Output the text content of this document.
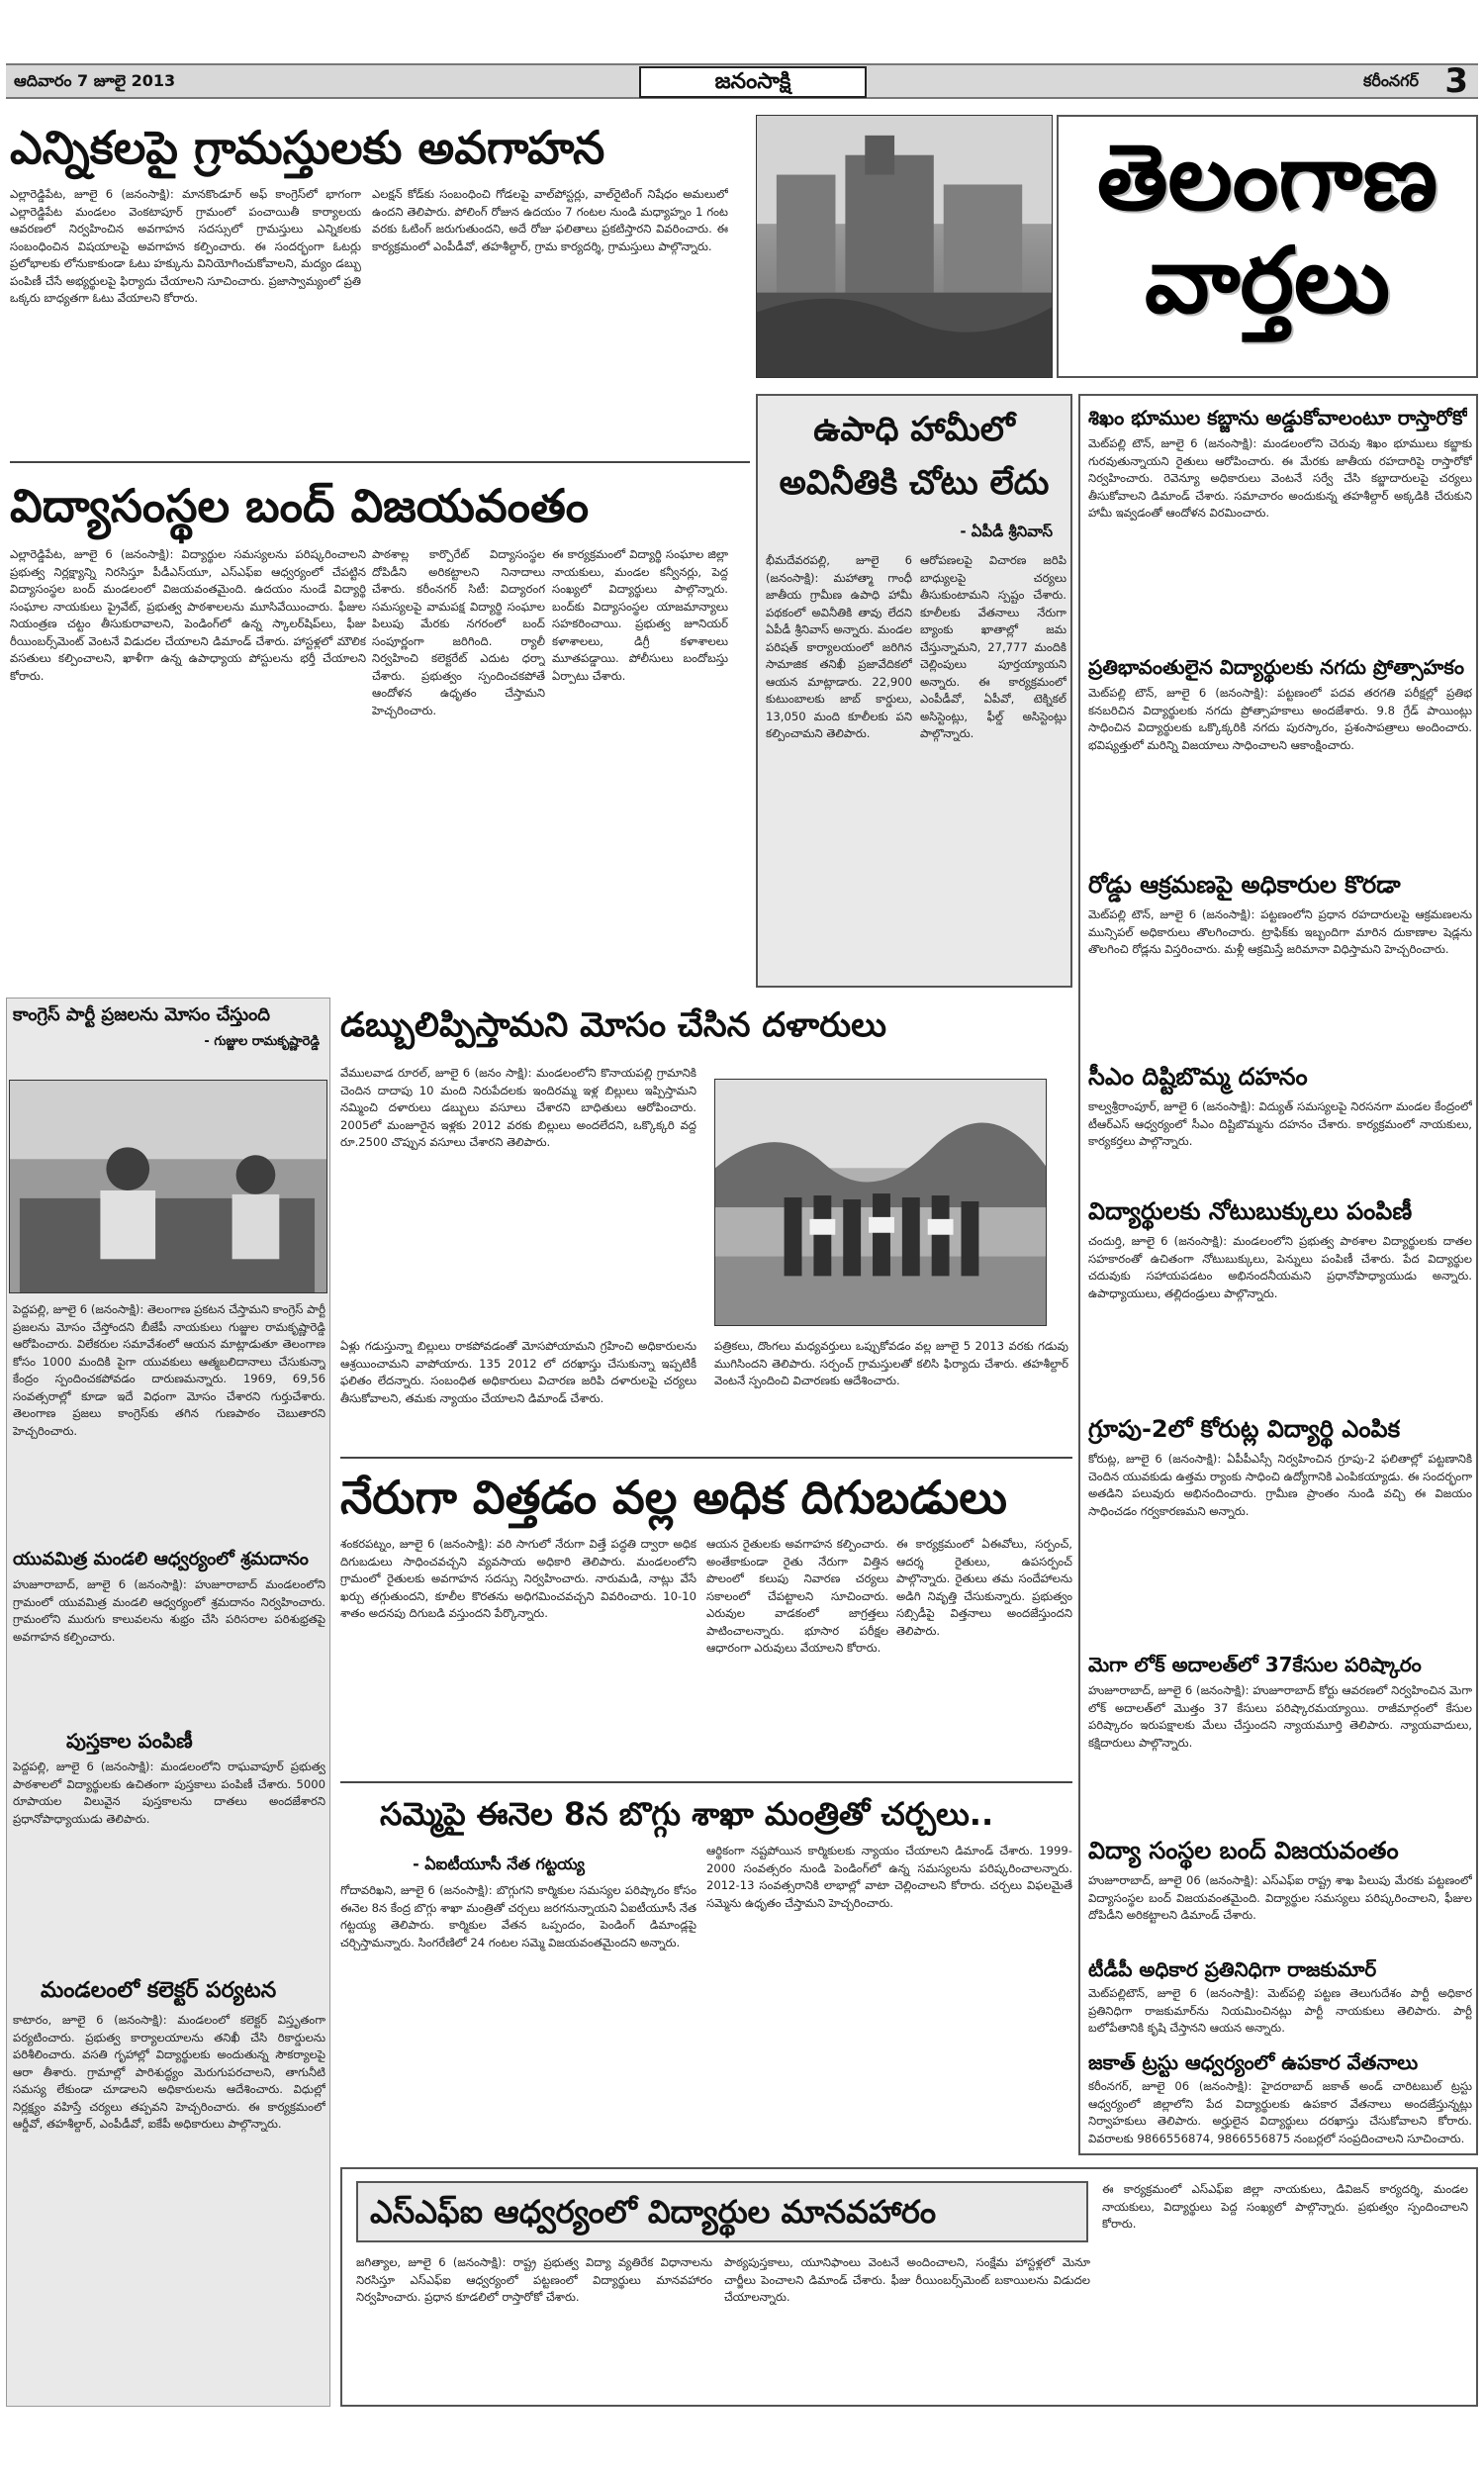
ఆదివారం 7 జూలై 2013	జనంసాక్షి	కరీంనగర్ 3
ఎన్నికలపై గ్రామస్తులకు అవగాహన
ఎల్లారెడ్డిపేట, జూలై 6 (జనంసాక్షి): మానకొండూర్ అఫ్ కాంగ్రెస్‌లో భాగంగా ఎల్లారెడ్డిపేట మండలం వెంకటాపూర్ గ్రామంలో పంచాయితీ కార్యాలయ ఆవరణలో నిర్వహించిన అవగాహన సదస్సులో గ్రామస్తులు ఎన్నికలకు సంబంధించిన విషయాలపై అవగాహన కల్పించారు. ఈ సందర్భంగా ఓటర్లు ప్రలోభాలకు లోనుకాకుండా ఓటు హక్కును వినియోగించుకోవాలని, మద్యం డబ్బు పంపిణీ చేసే అభ్యర్థులపై ఫిర్యాదు చేయాలని సూచించారు. ప్రజాస్వామ్యంలో ప్రతి ఒక్కరు బాధ్యతగా ఓటు వేయాలని కోరారు.
ఎలక్షన్ కోడ్‌కు సంబంధించి గోడలపై వాల్‌పోస్టర్లు, వాల్‌రైటింగ్‌ నిషేధం అమలులో ఉందని తెలిపారు. పోలింగ్ రోజున ఉదయం 7 గంటల నుండి మధ్యాహ్నం 1 గంట వరకు ఓటింగ్ జరుగుతుందని, అదే రోజు ఫలితాలు ప్రకటిస్తారని వివరించారు. ఈ కార్యక్రమంలో ఎంపీడీవో, తహశీల్దార్, గ్రామ కార్యదర్శి, గ్రామస్తులు పాల్గొన్నారు.
తెలంగాణ
వార్తలు
విద్యాసంస్థల బంద్ విజయవంతం
ఎల్లారెడ్డిపేట, జూలై 6 (జనంసాక్షి): విద్యార్థుల సమస్యలను పరిష్కరించాలని ప్రభుత్వ నిర్లక్ష్యాన్ని నిరసిస్తూ పీడీఎస్‌యూ, ఎస్‌ఎఫ్‌ఐ ఆధ్వర్యంలో చేపట్టిన విద్యాసంస్థల బంద్ మండలంలో విజయవంతమైంది. ఉదయం నుండే విద్యార్థి సంఘాల నాయకులు ప్రైవేట్, ప్రభుత్వ పాఠశాలలను మూసివేయించారు. ఫీజుల నియంత్రణ చట్టం తీసుకురావాలని, పెండింగ్‌లో ఉన్న స్కాలర్‌షిప్‌లు, ఫీజు రీయింబర్స్‌మెంట్ వెంటనే విడుదల చేయాలని డిమాండ్ చేశారు. హాస్టళ్లలో మౌలిక వసతులు కల్పించాలని, ఖాళీగా ఉన్న ఉపాధ్యాయ పోస్టులను భర్తీ చేయాలని కోరారు.
పాఠశాల్ల కార్పొరేట్ విద్యాసంస్థల దోపిడీని అరికట్టాలని నినాదాలు చేశారు. కరీంనగర్ సిటీ: విద్యారంగ సమస్యలపై వామపక్ష విద్యార్థి సంఘాల పిలుపు మేరకు నగరంలో బంద్ సంపూర్ణంగా జరిగింది. ర్యాలీ నిర్వహించి కలెక్టరేట్ ఎదుట ధర్నా చేశారు. ప్రభుత్వం స్పందించకపోతే ఆందోళన ఉధృతం చేస్తామని హెచ్చరించారు.
ఈ కార్యక్రమంలో విద్యార్థి సంఘాల జిల్లా నాయకులు, మండల కన్వీనర్లు, పెద్ద సంఖ్యలో విద్యార్థులు పాల్గొన్నారు. బంద్‌కు విద్యాసంస్థల యాజమాన్యాలు సహకరించాయి. ప్రభుత్వ జూనియర్ కళాశాలలు, డిగ్రీ కళాశాలలు మూతపడ్డాయి. పోలీసులు బందోబస్తు ఏర్పాటు చేశారు.
ఉపాధి హామీలో
అవినీతికి చోటు లేదు
- ఏపీడీ శ్రీనివాస్
భీమదేవరపల్లి, జూలై 6 (జనంసాక్షి): మహాత్మా గాంధీ జాతీయ గ్రామీణ ఉపాధి హామీ పథకంలో అవినీతికి తావు లేదని ఏపీడీ శ్రీనివాస్ అన్నారు. మండల పరిషత్ కార్యాలయంలో జరిగిన సామాజిక తనిఖీ ప్రజావేదికలో ఆయన మాట్లాడారు. 22,900 కుటుంబాలకు జాబ్ కార్డులు, 13,050 మంది కూలీలకు పని కల్పించామని తెలిపారు.
ఆరోపణలపై విచారణ జరిపి బాధ్యులపై చర్యలు తీసుకుంటామని స్పష్టం చేశారు. కూలీలకు వేతనాలు నేరుగా బ్యాంకు ఖాతాల్లో జమ చేస్తున్నామని, 27,777 మందికి చెల్లింపులు పూర్తయ్యాయని అన్నారు. ఈ కార్యక్రమంలో ఎంపీడీవో, ఏపీవో, టెక్నికల్ అసిస్టెంట్లు, ఫీల్డ్ అసిస్టెంట్లు పాల్గొన్నారు.
శిఖం భూముల కబ్జాను అడ్డుకోవాలంటూ రాస్తారోకో
మెట్‌పల్లి టౌన్, జూలై 6 (జనంసాక్షి): మండలంలోని చెరువు శిఖం భూములు కబ్జాకు గురవుతున్నాయని రైతులు ఆరోపించారు. ఈ మేరకు జాతీయ రహదారిపై రాస్తారోకో నిర్వహించారు. రెవెన్యూ అధికారులు వెంటనే సర్వే చేసి కబ్జాదారులపై చర్యలు తీసుకోవాలని డిమాండ్ చేశారు. సమాచారం అందుకున్న తహశీల్దార్ అక్కడికి చేరుకుని హామీ ఇవ్వడంతో ఆందోళన విరమించారు.
ప్రతిభావంతులైన విద్యార్థులకు నగదు ప్రోత్సాహకం
మెట్‌పల్లి టౌన్, జూలై 6 (జనంసాక్షి): పట్టణంలో పదవ తరగతి పరీక్షల్లో ప్రతిభ కనబరిచిన విద్యార్థులకు నగదు ప్రోత్సాహకాలు అందజేశారు. 9.8 గ్రేడ్ పాయింట్లు సాధించిన విద్యార్థులకు ఒక్కొక్కరికి నగదు పురస్కారం, ప్రశంసాపత్రాలు అందించారు. భవిష్యత్తులో మరిన్ని విజయాలు సాధించాలని ఆకాంక్షించారు.
రోడ్డు ఆక్రమణపై అధికారుల కొరడా
మెట్‌పల్లి టౌన్, జూలై 6 (జనంసాక్షి): పట్టణంలోని ప్రధాన రహదారులపై ఆక్రమణలను మున్సిపల్ అధికారులు తొలగించారు. ట్రాఫిక్‌కు ఇబ్బందిగా మారిన దుకాణాల షెడ్లను తొలగించి రోడ్లను విస్తరించారు. మళ్లీ ఆక్రమిస్తే జరిమానా విధిస్తామని హెచ్చరించారు.
సీఎం దిష్టిబొమ్మ దహనం
కాల్వశ్రీరాంపూర్, జూలై 6 (జనంసాక్షి): విద్యుత్ సమస్యలపై నిరసనగా మండల కేంద్రంలో టీఆర్‌ఎస్ ఆధ్వర్యంలో సీఎం దిష్టిబొమ్మను దహనం చేశారు. కార్యక్రమంలో నాయకులు, కార్యకర్తలు పాల్గొన్నారు.
విద్యార్థులకు నోటుబుక్కులు పంపిణీ
చందుర్తి, జూలై 6 (జనంసాక్షి): మండలంలోని ప్రభుత్వ పాఠశాల విద్యార్థులకు దాతల సహకారంతో ఉచితంగా నోటుబుక్కులు, పెన్నులు పంపిణీ చేశారు. పేద విద్యార్థుల చదువుకు సహాయపడటం అభినందనీయమని ప్రధానోపాధ్యాయుడు అన్నారు. ఉపాధ్యాయులు, తల్లిదండ్రులు పాల్గొన్నారు.
గ్రూపు-2లో కోరుట్ల విద్యార్థి ఎంపిక
కోరుట్ల, జూలై 6 (జనంసాక్షి): ఏపీపీఎస్సీ నిర్వహించిన గ్రూపు-2 ఫలితాల్లో పట్టణానికి చెందిన యువకుడు ఉత్తమ ర్యాంకు సాధించి ఉద్యోగానికి ఎంపికయ్యాడు. ఈ సందర్భంగా అతడిని పలువురు అభినందించారు. గ్రామీణ ప్రాంతం నుండి వచ్చి ఈ విజయం సాధించడం గర్వకారణమని అన్నారు.
మెగా లోక్ అదాలత్‌లో 37కేసుల పరిష్కారం
హుజూరాబాద్, జూలై 6 (జనంసాక్షి): హుజూరాబాద్ కోర్టు ఆవరణలో నిర్వహించిన మెగా లోక్ అదాలత్‌లో మొత్తం 37 కేసులు పరిష్కారమయ్యాయి. రాజీమార్గంలో కేసుల పరిష్కారం ఇరుపక్షాలకు మేలు చేస్తుందని న్యాయమూర్తి తెలిపారు. న్యాయవాదులు, కక్షిదారులు పాల్గొన్నారు.
విద్యా సంస్థల బంద్ విజయవంతం
హుజూరాబాద్, జూలై 06 (జనంసాక్షి): ఎస్‌ఎఫ్‌ఐ రాష్ట్ర శాఖ పిలుపు మేరకు పట్టణంలో విద్యాసంస్థల బంద్ విజయవంతమైంది. విద్యార్థుల సమస్యలు పరిష్కరించాలని, ఫీజుల దోపిడీని అరికట్టాలని డిమాండ్ చేశారు.
టీడీపీ అధికార ప్రతినిధిగా రాజకుమార్
మెట్‌పల్లిటౌన్, జూలై 6 (జనంసాక్షి): మెట్‌పల్లి పట్టణ తెలుగుదేశం పార్టీ అధికార ప్రతినిధిగా రాజకుమార్‌ను నియమించినట్లు పార్టీ నాయకులు తెలిపారు. పార్టీ బలోపేతానికి కృషి చేస్తానని ఆయన అన్నారు.
జకాత్ ట్రస్టు ఆధ్వర్యంలో ఉపకార వేతనాలు
కరీంనగర్, జూలై 06 (జనంసాక్షి): హైదరాబాద్ జకాత్ అండ్ చారిటబుల్ ట్రస్టు ఆధ్వర్యంలో జిల్లాలోని పేద విద్యార్థులకు ఉపకార వేతనాలు అందజేస్తున్నట్లు నిర్వాహకులు తెలిపారు. అర్హులైన విద్యార్థులు దరఖాస్తు చేసుకోవాలని కోరారు. వివరాలకు 9866556874, 9866556875 నంబర్లలో సంప్రదించాలని సూచించారు.
కాంగ్రెస్ పార్టీ ప్రజలను మోసం చేస్తుంది
- గుజ్జుల రామకృష్ణారెడ్డి
పెద్దపల్లి, జూలై 6 (జనంసాక్షి): తెలంగాణ ప్రకటన చేస్తామని కాంగ్రెస్ పార్టీ ప్రజలను మోసం చేస్తోందని బీజేపీ నాయకులు గుజ్జుల రామకృష్ణారెడ్డి ఆరోపించారు. విలేకరుల సమావేశంలో ఆయన మాట్లాడుతూ తెలంగాణ కోసం 1000 మందికి పైగా యువకులు ఆత్మబలిదానాలు చేసుకున్నా కేంద్రం స్పందించకపోవడం దారుణమన్నారు. 1969, 69,56 సంవత్సరాల్లో కూడా ఇదే విధంగా మోసం చేశారని గుర్తుచేశారు. తెలంగాణ ప్రజలు కాంగ్రెస్‌కు తగిన గుణపాఠం చెబుతారని హెచ్చరించారు.
యువమిత్ర మండలి ఆధ్వర్యంలో శ్రమదానం
హుజూరాబాద్, జూలై 6 (జనంసాక్షి): హుజూరాబాద్ మండలంలోని గ్రామంలో యువమిత్ర మండలి ఆధ్వర్యంలో శ్రమదానం నిర్వహించారు. గ్రామంలోని మురుగు కాలువలను శుభ్రం చేసి పరిసరాల పరిశుభ్రతపై అవగాహన కల్పించారు.
పుస్తకాల పంపిణీ
పెద్దపల్లి, జూలై 6 (జనంసాక్షి): మండలంలోని రాఘవాపూర్ ప్రభుత్వ పాఠశాలలో విద్యార్థులకు ఉచితంగా పుస్తకాలు పంపిణీ చేశారు. 5000 రూపాయల విలువైన పుస్తకాలను దాతలు అందజేశారని ప్రధానోపాధ్యాయుడు తెలిపారు.
మండలంలో కలెక్టర్ పర్యటన
కాటారం, జూలై 6 (జనంసాక్షి): మండలంలో కలెక్టర్ విస్తృతంగా పర్యటించారు. ప్రభుత్వ కార్యాలయాలను తనిఖీ చేసి రికార్డులను పరిశీలించారు. వసతి గృహాల్లో విద్యార్థులకు అందుతున్న సౌకర్యాలపై ఆరా తీశారు. గ్రామాల్లో పారిశుద్ధ్యం మెరుగుపరచాలని, తాగునీటి సమస్య లేకుండా చూడాలని అధికారులను ఆదేశించారు. విధుల్లో నిర్లక్ష్యం వహిస్తే చర్యలు తప్పవని హెచ్చరించారు. ఈ కార్యక్రమంలో ఆర్డీవో, తహశీల్దార్, ఎంపీడీవో, ఐకేపీ అధికారులు పాల్గొన్నారు.
డబ్బులిప్పిస్తామని మోసం చేసిన దళారులు
వేములవాడ రూరల్, జూలై 6 (జనం సాక్షి): మండలంలోని కొనాయపల్లి గ్రామానికి చెందిన దాదాపు 10 మంది నిరుపేదలకు ఇందిరమ్మ ఇళ్ల బిల్లులు ఇప్పిస్తామని నమ్మించి దళారులు డబ్బులు వసూలు చేశారని బాధితులు ఆరోపించారు. 2005లో మంజూరైన ఇళ్లకు 2012 వరకు బిల్లులు అందలేదని, ఒక్కొక్కరి వద్ద రూ.2500 చొప్పున వసూలు చేశారని తెలిపారు.
ఏళ్లు గడుస్తున్నా బిల్లులు రాకపోవడంతో మోసపోయామని గ్రహించి అధికారులను ఆశ్రయించామని వాపోయారు. 135 2012 లో దరఖాస్తు చేసుకున్నా ఇప్పటికీ ఫలితం లేదన్నారు. సంబంధిత అధికారులు విచారణ జరిపి దళారులపై చర్యలు తీసుకోవాలని, తమకు న్యాయం చేయాలని డిమాండ్ చేశారు.
పత్రికలు, దొంగలు మధ్యవర్తులు ఒప్పుకోవడం వల్ల జూలై 5 2013 వరకు గడువు ముగిసిందని తెలిపారు. సర్పంచ్ గ్రామస్తులతో కలిసి ఫిర్యాదు చేశారు. తహశీల్దార్ వెంటనే స్పందించి విచారణకు ఆదేశించారు.
నేరుగా విత్తడం వల్ల అధిక దిగుబడులు
శంకరపట్నం, జూలై 6 (జనంసాక్షి): వరి సాగులో నేరుగా విత్తే పద్ధతి ద్వారా అధిక దిగుబడులు సాధించవచ్చని వ్యవసాయ అధికారి తెలిపారు. మండలంలోని గ్రామంలో రైతులకు అవగాహన సదస్సు నిర్వహించారు. నారుమడి, నాట్లు వేసే ఖర్చు తగ్గుతుందని, కూలీల కొరతను అధిగమించవచ్చని వివరించారు. 10-10 శాతం అదనపు దిగుబడి వస్తుందని పేర్కొన్నారు.
ఆయన రైతులకు అవగాహన కల్పించారు. అంతేకాకుండా రైతు నేరుగా విత్తిన పొలంలో కలుపు నివారణ చర్యలు సకాలంలో చేపట్టాలని సూచించారు. ఎరువుల వాడకంలో జాగ్రత్తలు పాటించాలన్నారు. భూసార పరీక్షల ఆధారంగా ఎరువులు వేయాలని కోరారు.
ఈ కార్యక్రమంలో ఏఈవోలు, సర్పంచ్, ఆదర్శ రైతులు, ఉపసర్పంచ్ పాల్గొన్నారు. రైతులు తమ సందేహాలను అడిగి నివృత్తి చేసుకున్నారు. ప్రభుత్వం సబ్సిడీపై విత్తనాలు అందజేస్తుందని తెలిపారు.
సమ్మెపై ఈనెల 8న బొగ్గు శాఖా మంత్రితో చర్చలు..
- ఏఐటీయూసీ నేత గట్టయ్య
గోదావరిఖని, జూలై 6 (జనంసాక్షి): బొగ్గుగని కార్మికుల సమస్యల పరిష్కారం కోసం ఈనెల 8న కేంద్ర బొగ్గు శాఖా మంత్రితో చర్చలు జరగనున్నాయని ఏఐటీయూసీ నేత గట్టయ్య తెలిపారు. కార్మికుల వేతన ఒప్పందం, పెండింగ్ డిమాండ్లపై చర్చిస్తామన్నారు. సింగరేణిలో 24 గంటల సమ్మె విజయవంతమైందని అన్నారు.
ఆర్థికంగా నష్టపోయిన కార్మికులకు న్యాయం చేయాలని డిమాండ్ చేశారు. 1999-2000 సంవత్సరం నుండి పెండింగ్‌లో ఉన్న సమస్యలను పరిష్కరించాలన్నారు. 2012-13 సంవత్సరానికి లాభాల్లో వాటా చెల్లించాలని కోరారు. చర్చలు విఫలమైతే సమ్మెను ఉధృతం చేస్తామని హెచ్చరించారు.
ఎస్‌ఎఫ్‌ఐ ఆధ్వర్యంలో విద్యార్థుల మానవహారం
జగిత్యాల, జూలై 6 (జనంసాక్షి): రాష్ట్ర ప్రభుత్వ విద్యా వ్యతిరేక విధానాలను నిరసిస్తూ ఎస్‌ఎఫ్‌ఐ ఆధ్వర్యంలో పట్టణంలో విద్యార్థులు మానవహారం నిర్వహించారు. ప్రధాన కూడలిలో రాస్తారోకో చేశారు.
పాఠ్యపుస్తకాలు, యూనిఫాంలు వెంటనే అందించాలని, సంక్షేమ హాస్టళ్లలో మెనూ చార్జీలు పెంచాలని డిమాండ్ చేశారు. ఫీజు రీయింబర్స్‌మెంట్ బకాయిలను విడుదల చేయాలన్నారు.
ఈ కార్యక్రమంలో ఎస్‌ఎఫ్‌ఐ జిల్లా నాయకులు, డివిజన్ కార్యదర్శి, మండల నాయకులు, విద్యార్థులు పెద్ద సంఖ్యలో పాల్గొన్నారు. ప్రభుత్వం స్పందించాలని కోరారు.
